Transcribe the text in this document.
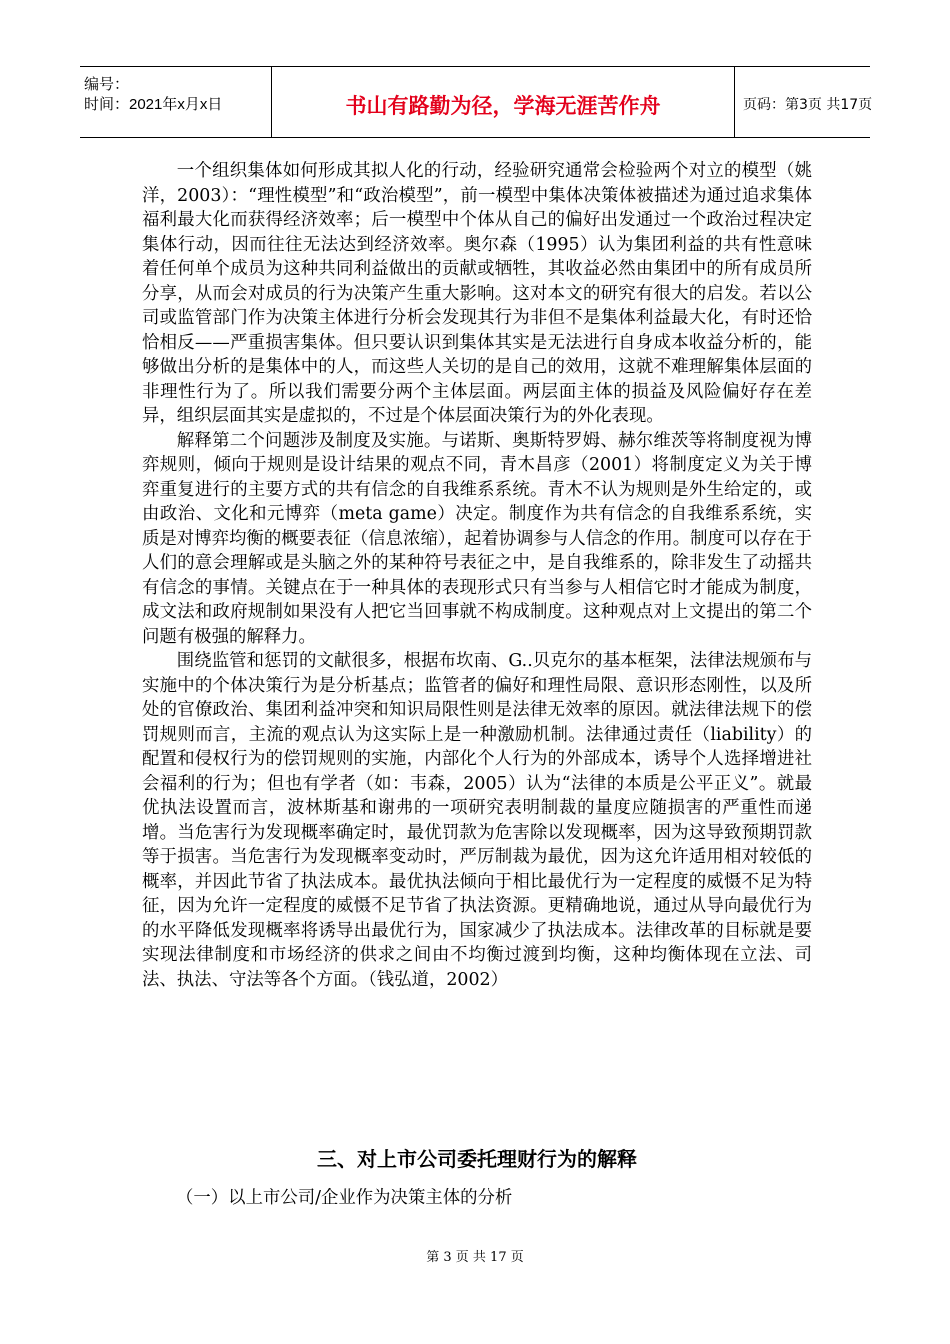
编号：
时间：2021年x月x日	书山有路勤为径，学海无涯苦作舟	页码：第3页 共17页

一个组织集体如何形成其拟人化的行动，经验研究通常会检验两个对立的模型（姚洋，2003）：“理性模型”和“政治模型”，前一模型中集体决策体被描述为通过追求集体福利最大化而获得经济效率；后一模型中个体从自己的偏好出发通过一个政治过程决定集体行动，因而往往无法达到经济效率。奥尔森（1995）认为集团利益的共有性意味着任何单个成员为这种共同利益做出的贡献或牺牲，其收益必然由集团中的所有成员所分享，从而会对成员的行为决策产生重大影响。这对本文的研究有很大的启发。若以公司或监管部门作为决策主体进行分析会发现其行为非但不是集体利益最大化，有时还恰恰相反——严重损害集体。但只要认识到集体其实是无法进行自身成本收益分析的，能够做出分析的是集体中的人，而这些人关切的是自己的效用，这就不难理解集体层面的非理性行为了。所以我们需要分两个主体层面。两层面主体的损益及风险偏好存在差异，组织层面其实是虚拟的，不过是个体层面决策行为的外化表现。

解释第二个问题涉及制度及实施。与诺斯、奥斯特罗姆、赫尔维茨等将制度视为博弈规则，倾向于规则是设计结果的观点不同，青木昌彦（2001）将制度定义为关于博弈重复进行的主要方式的共有信念的自我维系系统。青木不认为规则是外生给定的，或由政治、文化和元博弈（meta game）决定。制度作为共有信念的自我维系系统，实质是对博弈均衡的概要表征（信息浓缩），起着协调参与人信念的作用。制度可以存在于人们的意会理解或是头脑之外的某种符号表征之中，是自我维系的，除非发生了动摇共有信念的事情。关键点在于一种具体的表现形式只有当参与人相信它时才能成为制度，成文法和政府规制如果没有人把它当回事就不构成制度。这种观点对上文提出的第二个问题有极强的解释力。

围绕监管和惩罚的文献很多，根据布坎南、G..贝克尔的基本框架，法律法规颁布与实施中的个体决策行为是分析基点；监管者的偏好和理性局限、意识形态刚性，以及所处的官僚政治、集团利益冲突和知识局限性则是法律无效率的原因。就法律法规下的偿罚规则而言，主流的观点认为这实际上是一种激励机制。法律通过责任（liability）的配置和侵权行为的偿罚规则的实施，内部化个人行为的外部成本，诱导个人选择增进社会福利的行为；但也有学者（如：韦森，2005）认为“法律的本质是公平正义”。就最优执法设置而言，波林斯基和谢弗的一项研究表明制裁的量度应随损害的严重性而递增。当危害行为发现概率确定时，最优罚款为危害除以发现概率，因为这导致预期罚款等于损害。当危害行为发现概率变动时，严厉制裁为最优，因为这允许适用相对较低的概率，并因此节省了执法成本。最优执法倾向于相比最优行为一定程度的威慑不足为特征，因为允许一定程度的威慑不足节省了执法资源。更精确地说，通过从导向最优行为的水平降低发现概率将诱导出最优行为，国家减少了执法成本。法律改革的目标就是要实现法律制度和市场经济的供求之间由不均衡过渡到均衡，这种均衡体现在立法、司法、执法、守法等各个方面。（钱弘道，2002）

三、对上市公司委托理财行为的解释
（一）以上市公司/企业作为决策主体的分析
第 3 页 共 17 页
